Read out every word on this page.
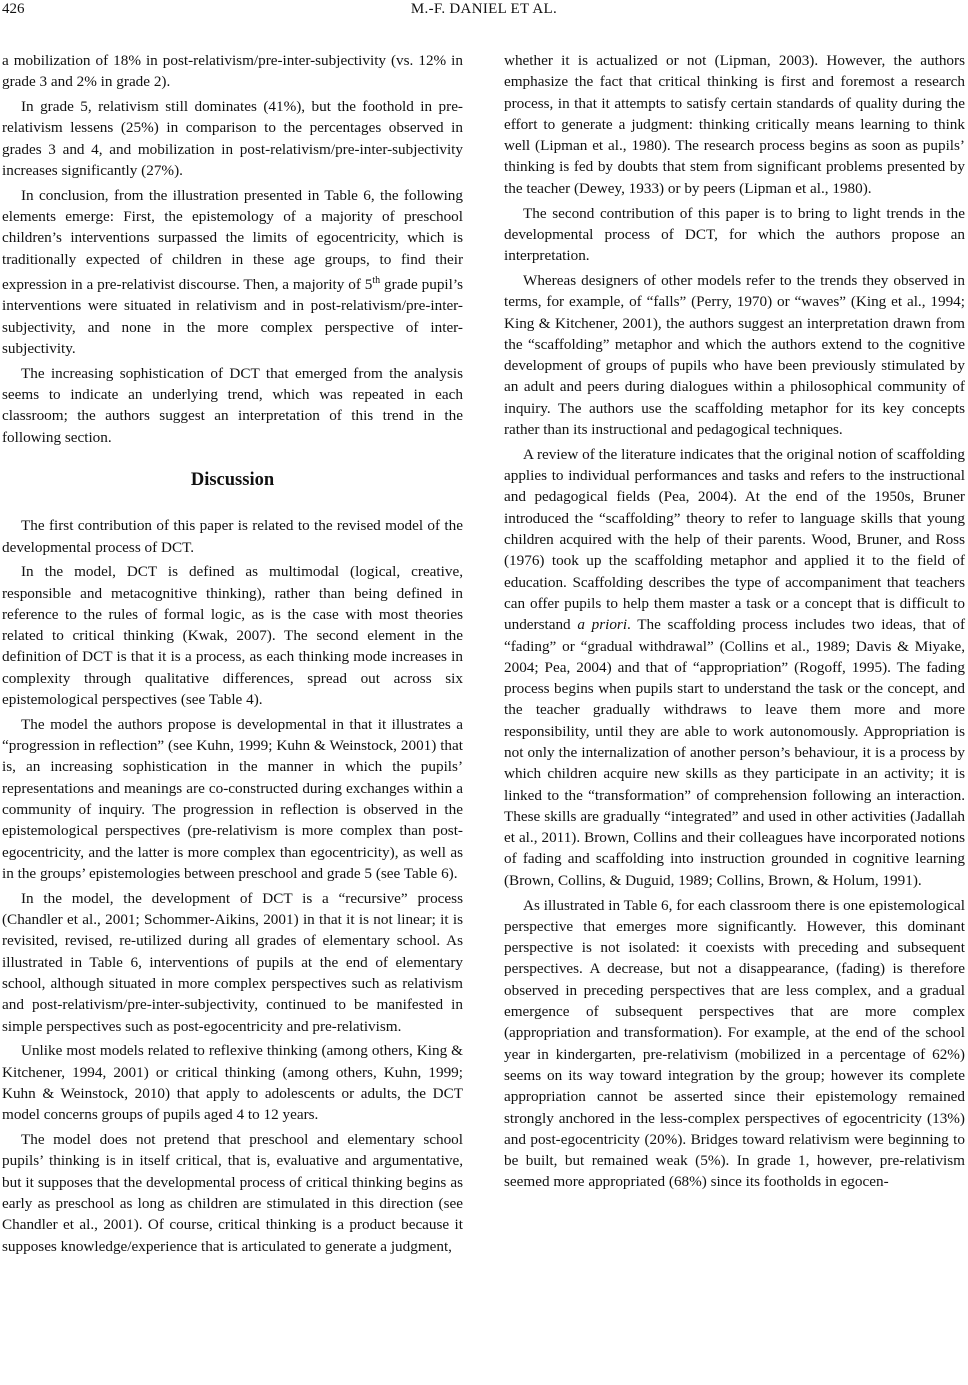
426	M.-F. DANIEL ET AL.

a mobilization of 18% in post-relativism/pre-inter-subjectivity (vs. 12% in grade 3 and 2% in grade 2).

In grade 5, relativism still dominates (41%), but the foothold in pre-relativism lessens (25%) in comparison to the percentages observed in grades 3 and 4, and mobilization in post-relativism/pre-inter-subjectivity increases significantly (27%).

In conclusion, from the illustration presented in Table 6, the following elements emerge: First, the epistemology of a majority of preschool children’s interventions surpassed the limits of egocentricity, which is traditionally expected of children in these age groups, to find their expression in a pre-relativist discourse. Then, a majority of 5th grade pupil’s interventions were situated in relativism and in post-relativism/pre-inter-subjectivity, and none in the more complex perspective of inter-subjectivity.

The increasing sophistication of DCT that emerged from the analysis seems to indicate an underlying trend, which was repeated in each classroom; the authors suggest an interpretation of this trend in the following section.

Discussion

The first contribution of this paper is related to the revised model of the developmental process of DCT.

In the model, DCT is defined as multimodal (logical, creative, responsible and metacognitive thinking), rather than being defined in reference to the rules of formal logic, as is the case with most theories related to critical thinking (Kwak, 2007). The second element in the definition of DCT is that it is a process, as each thinking mode increases in complexity through qualitative differences, spread out across six epistemological perspectives (see Table 4).

The model the authors propose is developmental in that it illustrates a “progression in reflection” (see Kuhn, 1999; Kuhn & Weinstock, 2001) that is, an increasing sophistication in the manner in which the pupils’ representations and meanings are co-constructed during exchanges within a community of inquiry. The progression in reflection is observed in the epistemological perspectives (pre-relativism is more complex than post-egocentricity, and the latter is more complex than egocentricity), as well as in the groups’ epistemologies between preschool and grade 5 (see Table 6).

In the model, the development of DCT is a “recursive” process (Chandler et al., 2001; Schommer-Aikins, 2001) in that it is not linear; it is revisited, revised, re-utilized during all grades of elementary school. As illustrated in Table 6, interventions of pupils at the end of elementary school, although situated in more complex perspectives such as relativism and post-relativism/pre-inter-subjectivity, continued to be manifested in simple perspectives such as post-egocentricity and pre-relativism.

Unlike most models related to reflexive thinking (among others, King & Kitchener, 1994, 2001) or critical thinking (among others, Kuhn, 1999; Kuhn & Weinstock, 2010) that apply to adolescents or adults, the DCT model concerns groups of pupils aged 4 to 12 years.

The model does not pretend that preschool and elementary school pupils’ thinking is in itself critical, that is, evaluative and argumentative, but it supposes that the developmental process of critical thinking begins as early as preschool as long as children are stimulated in this direction (see Chandler et al., 2001). Of course, critical thinking is a product because it supposes knowledge/experience that is articulated to generate a judgment,

whether it is actualized or not (Lipman, 2003). However, the authors emphasize the fact that critical thinking is first and foremost a research process, in that it attempts to satisfy certain standards of quality during the effort to generate a judgment: thinking critically means learning to think well (Lipman et al., 1980). The research process begins as soon as pupils’ thinking is fed by doubts that stem from significant problems presented by the teacher (Dewey, 1933) or by peers (Lipman et al., 1980).

The second contribution of this paper is to bring to light trends in the developmental process of DCT, for which the authors propose an interpretation.

Whereas designers of other models refer to the trends they observed in terms, for example, of “falls” (Perry, 1970) or “waves” (King et al., 1994; King & Kitchener, 2001), the authors suggest an interpretation drawn from the “scaffolding” metaphor and which the authors extend to the cognitive development of groups of pupils who have been previously stimulated by an adult and peers during dialogues within a philosophical community of inquiry. The authors use the scaffolding metaphor for its key concepts rather than its instructional and pedagogical techniques.

A review of the literature indicates that the original notion of scaffolding applies to individual performances and tasks and refers to the instructional and pedagogical fields (Pea, 2004). At the end of the 1950s, Bruner introduced the “scaffolding” theory to refer to language skills that young children acquired with the help of their parents. Wood, Bruner, and Ross (1976) took up the scaffolding metaphor and applied it to the field of education. Scaffolding describes the type of accompaniment that teachers can offer pupils to help them master a task or a concept that is difficult to understand a priori. The scaffolding process includes two ideas, that of “fading” or “gradual withdrawal” (Collins et al., 1989; Davis & Miyake, 2004; Pea, 2004) and that of “appropriation” (Rogoff, 1995). The fading process begins when pupils start to understand the task or the concept, and the teacher gradually withdraws to leave them more and more responsibility, until they are able to work autonomously. Appropriation is not only the internalization of another person’s behaviour, it is a process by which children acquire new skills as they participate in an activity; it is linked to the “transformation” of comprehension following an interaction. These skills are gradually “integrated” and used in other activities (Jadallah et al., 2011). Brown, Collins and their colleagues have incorporated notions of fading and scaffolding into instruction grounded in cognitive learning (Brown, Collins, & Duguid, 1989; Collins, Brown, & Holum, 1991).

As illustrated in Table 6, for each classroom there is one epistemological perspective that emerges more significantly. However, this dominant perspective is not isolated: it coexists with preceding and subsequent perspectives. A decrease, but not a disappearance, (fading) is therefore observed in preceding perspectives that are less complex, and a gradual emergence of subsequent perspectives that are more complex (appropriation and transformation). For example, at the end of the school year in kindergarten, pre-relativism (mobilized in a percentage of 62%) seems on its way toward integration by the group; however its complete appropriation cannot be asserted since their epistemology remained strongly anchored in the less-complex perspectives of egocentricity (13%) and post-egocentricity (20%). Bridges toward relativism were beginning to be built, but remained weak (5%). In grade 1, however, pre-relativism seemed more appropriated (68%) since its footholds in egocen-
